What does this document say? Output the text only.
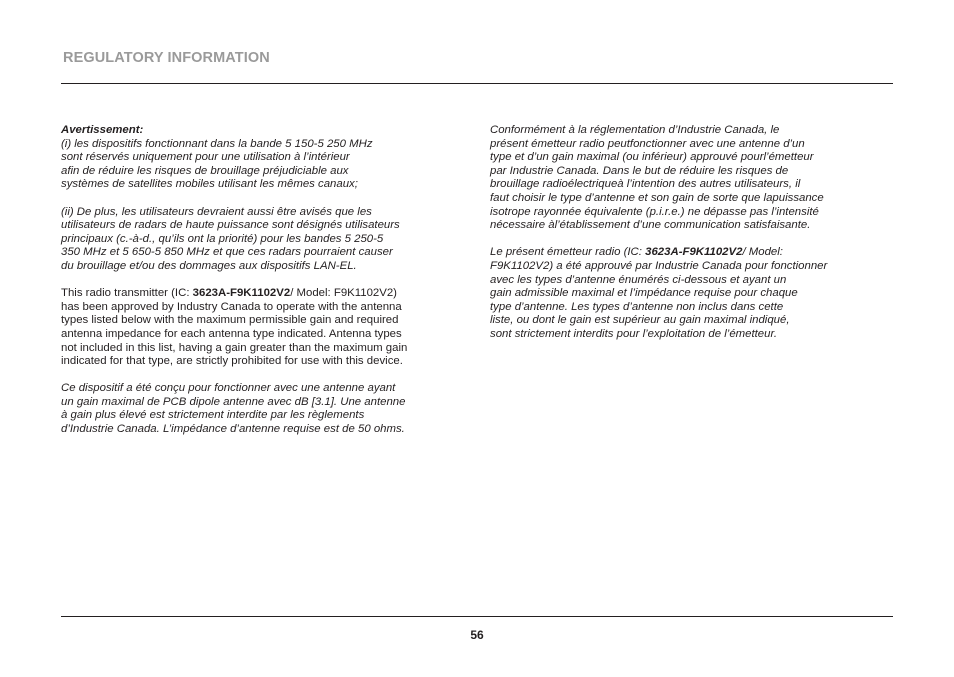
REGULATORY INFORMATION

Avertissement:
(i) les dispositifs fonctionnant dans la bande 5 150-5 250 MHz
sont réservés uniquement pour une utilisation à l’intérieur
afin de réduire les risques de brouillage préjudiciable aux
systèmes de satellites mobiles utilisant les mêmes canaux;

(ii) De plus, les utilisateurs devraient aussi être avisés que les
utilisateurs de radars de haute puissance sont désignés utilisateurs
principaux (c.-à-d., qu’ils ont la priorité) pour les bandes 5 250-5
350 MHz et 5 650-5 850 MHz et que ces radars pourraient causer
du brouillage et/ou des dommages aux dispositifs LAN-EL.

This radio transmitter (IC: 3623A-F9K1102V2/ Model: F9K1102V2)
has been approved by Industry Canada to operate with the antenna
types listed below with the maximum permissible gain and required
antenna impedance for each antenna type indicated. Antenna types
not included in this list, having a gain greater than the maximum gain
indicated for that type, are strictly prohibited for use with this device.

Ce dispositif a été conçu pour fonctionner avec une antenne ayant
un gain maximal de PCB dipole antenne avec dB [3.1]. Une antenne
à gain plus élevé est strictement interdite par les règlements
d’Industrie Canada. L’impédance d’antenne requise est de 50 ohms.

Conformément à la réglementation d’Industrie Canada, le
présent émetteur radio peutfonctionner avec une antenne d’un
type et d’un gain maximal (ou inférieur) approuvé pourl’émetteur
par Industrie Canada. Dans le but de réduire les risques de
brouillage radioélectriqueà l’intention des autres utilisateurs, il
faut choisir le type d’antenne et son gain de sorte que lapuissance
isotrope rayonnée équivalente (p.i.r.e.) ne dépasse pas l’intensité
nécessaire àl’établissement d’une communication satisfaisante.

Le présent émetteur radio (IC: 3623A-F9K1102V2/ Model:
F9K1102V2) a été approuvé par Industrie Canada pour fonctionner
avec les types d’antenne énumérés ci-dessous et ayant un
gain admissible maximal et l’impédance requise pour chaque
type d’antenne. Les types d’antenne non inclus dans cette
liste, ou dont le gain est supérieur au gain maximal indiqué,
sont strictement interdits pour l’exploitation de l’émetteur.

56
